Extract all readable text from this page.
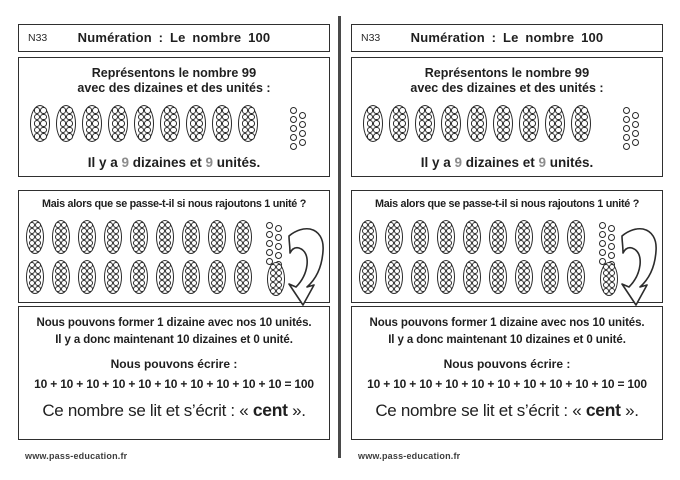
N33	Numération : Le nombre 100
Représentons le nombre 99
avec des dizaines et des unités :
Il y a 9 dizaines et 9 unités.
Mais alors que se passe-t-il si nous rajoutons 1 unité ?
Nous pouvons former 1 dizaine avec nos 10 unités.
Il y a donc maintenant 10 dizaines et 0 unité.
Nous pouvons écrire :
10 + 10 + 10 + 10 + 10 + 10 + 10 + 10 + 10 + 10 = 100
Ce nombre se lit et s’écrit : « cent ».
www.pass-education.fr
N33	Numération : Le nombre 100
Représentons le nombre 99
avec des dizaines et des unités :
Il y a 9 dizaines et 9 unités.
Mais alors que se passe-t-il si nous rajoutons 1 unité ?
Nous pouvons former 1 dizaine avec nos 10 unités.
Il y a donc maintenant 10 dizaines et 0 unité.
Nous pouvons écrire :
10 + 10 + 10 + 10 + 10 + 10 + 10 + 10 + 10 + 10 = 100
Ce nombre se lit et s’écrit : « cent ».
www.pass-education.fr
